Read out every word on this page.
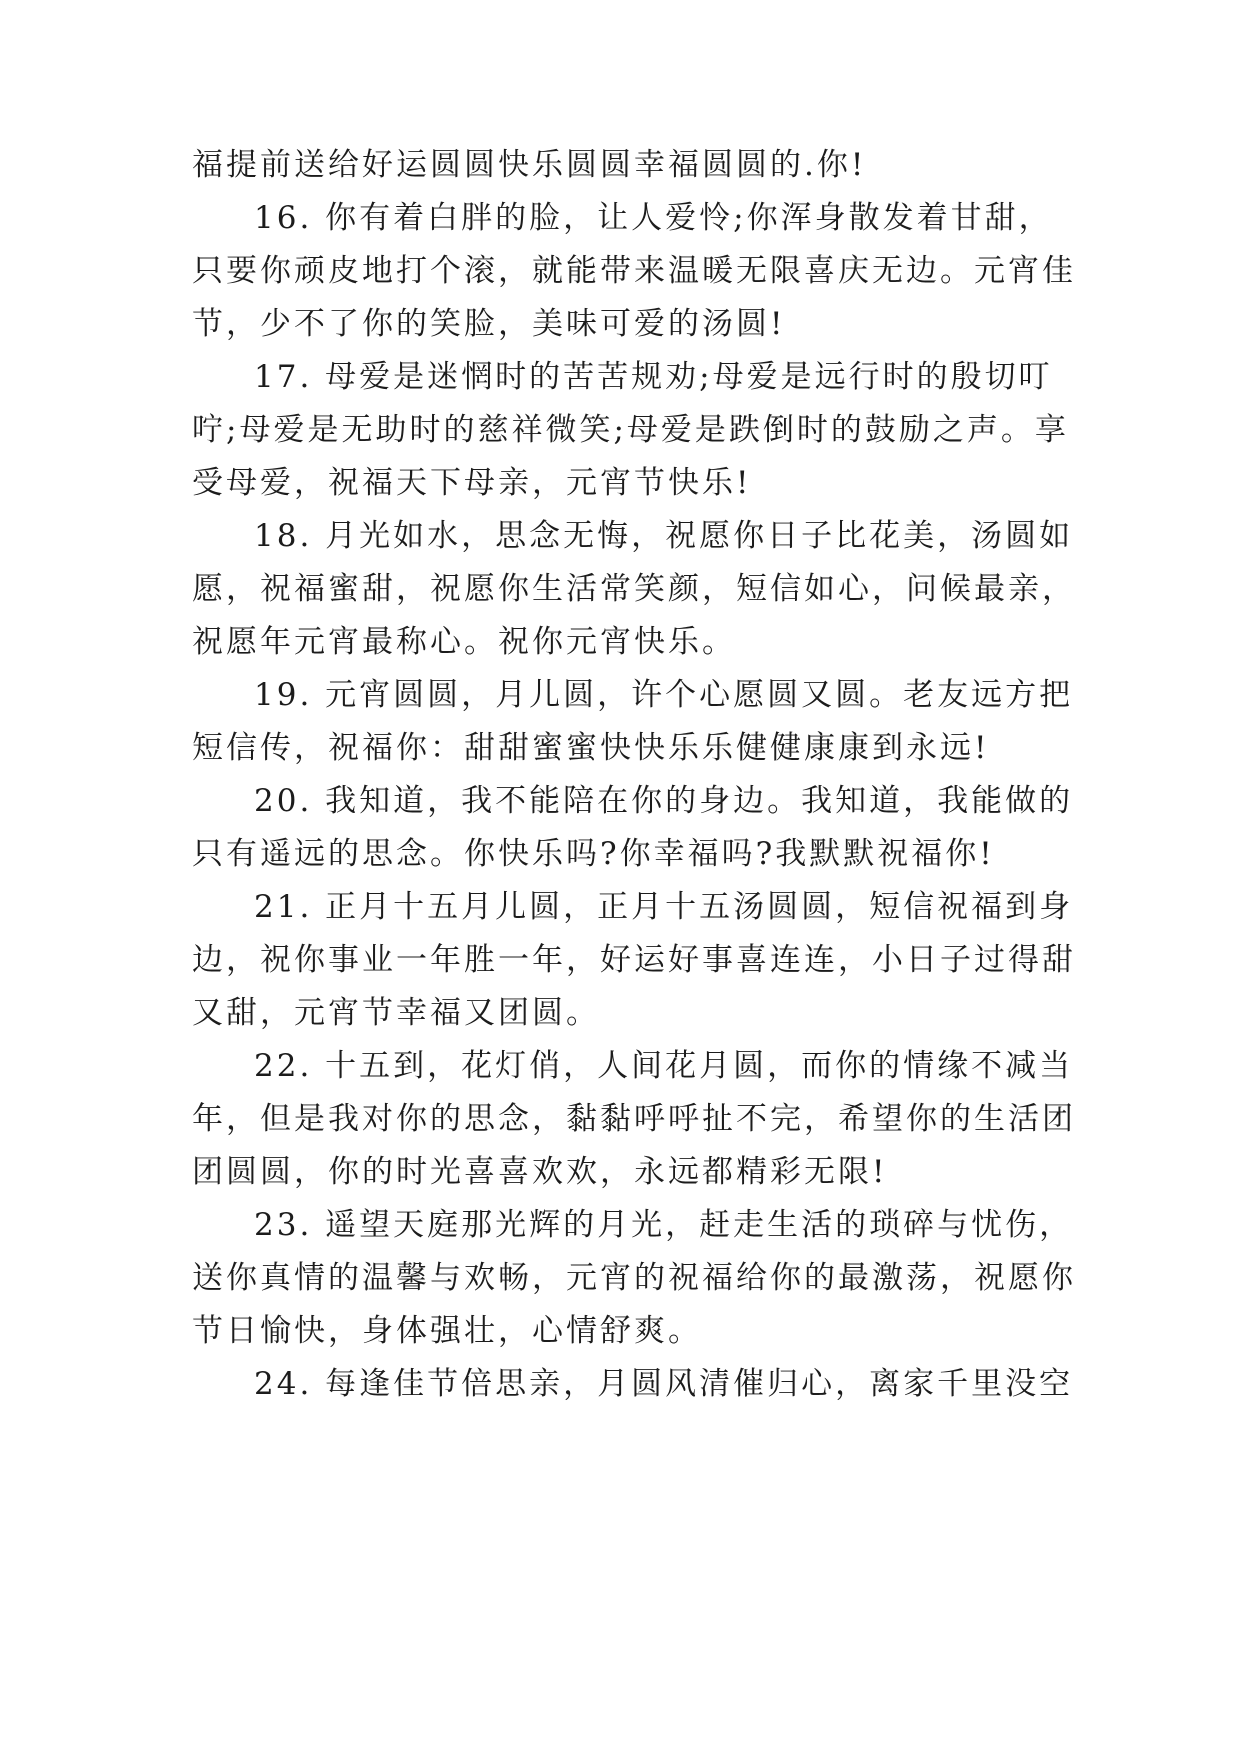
福提前送给好运圆圆快乐圆圆幸福圆圆的.你!
16. 你有着白胖的脸，让人爱怜;你浑身散发着甘甜，
只要你顽皮地打个滚，就能带来温暖无限喜庆无边。元宵佳
节，少不了你的笑脸，美味可爱的汤圆!
17. 母爱是迷惘时的苦苦规劝;母爱是远行时的殷切叮
咛;母爱是无助时的慈祥微笑;母爱是跌倒时的鼓励之声。享
受母爱，祝福天下母亲，元宵节快乐!
18. 月光如水，思念无悔，祝愿你日子比花美，汤圆如
愿，祝福蜜甜，祝愿你生活常笑颜，短信如心，问候最亲，
祝愿年元宵最称心。祝你元宵快乐。
19. 元宵圆圆，月儿圆，许个心愿圆又圆。老友远方把
短信传，祝福你：甜甜蜜蜜快快乐乐健健康康到永远!
20. 我知道，我不能陪在你的身边。我知道，我能做的
只有遥远的思念。你快乐吗?你幸福吗?我默默祝福你!
21. 正月十五月儿圆，正月十五汤圆圆，短信祝福到身
边，祝你事业一年胜一年，好运好事喜连连，小日子过得甜
又甜，元宵节幸福又团圆。
22. 十五到，花灯俏，人间花月圆，而你的情缘不减当
年，但是我对你的思念，黏黏呼呼扯不完，希望你的生活团
团圆圆，你的时光喜喜欢欢，永远都精彩无限!
23. 遥望天庭那光辉的月光，赶走生活的琐碎与忧伤，
送你真情的温馨与欢畅，元宵的祝福给你的最激荡，祝愿你
节日愉快，身体强壮，心情舒爽。
24. 每逢佳节倍思亲，月圆风清催归心，离家千里没空
